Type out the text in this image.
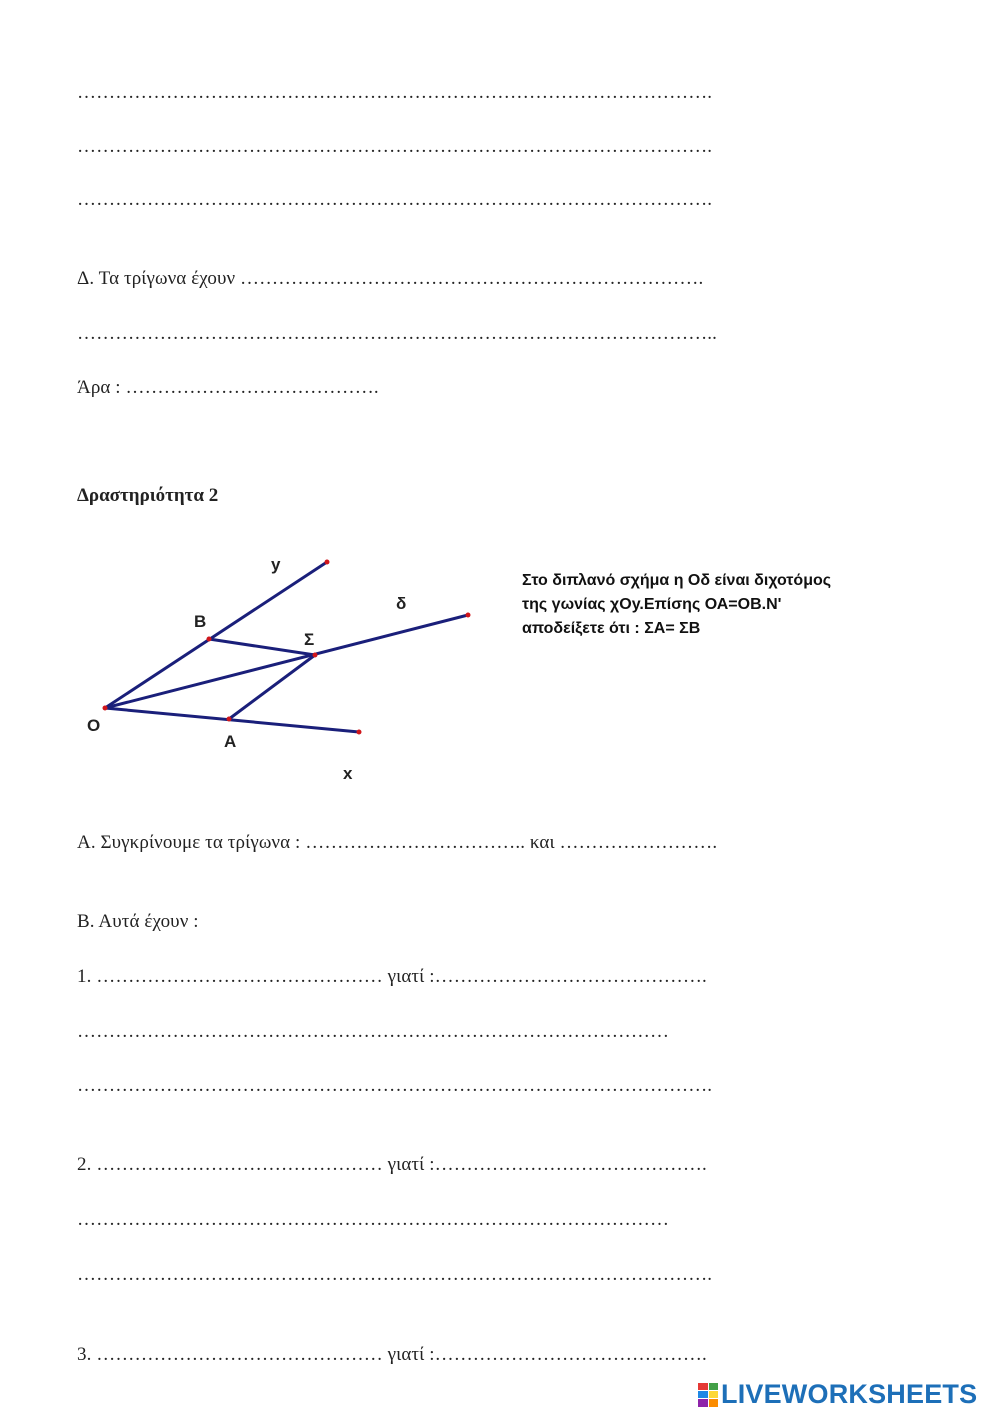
……………………………………………………………………………………….
……………………………………………………………………………………….
……………………………………………………………………………………….
Δ. Τα τρίγωνα έχουν ……………………………………………………………….
………………………………………………………………………………………..
Άρα : ………………………………….
Δραστηριότητα 2
y
B
δ
Σ
O
A
x
Στο διπλανό σχήμα η Οδ είναι διχοτόμος της γωνίας χΟy.Επίσης ΟΑ=ΟΒ.Ν' αποδείξετε ότι : ΣΑ= ΣΒ
Α. Συγκρίνουμε τα τρίγωνα : …………………………….. και …………………….
Β. Αυτά έχουν :
1. ……………………………………… γιατί :…………………………………….
…………………………………………………………………………………
……………………………………………………………………………………….
2. ……………………………………… γιατί :…………………………………….
…………………………………………………………………………………
……………………………………………………………………………………….
3. ……………………………………… γιατί :…………………………………….
LIVEWORKSHEETS
